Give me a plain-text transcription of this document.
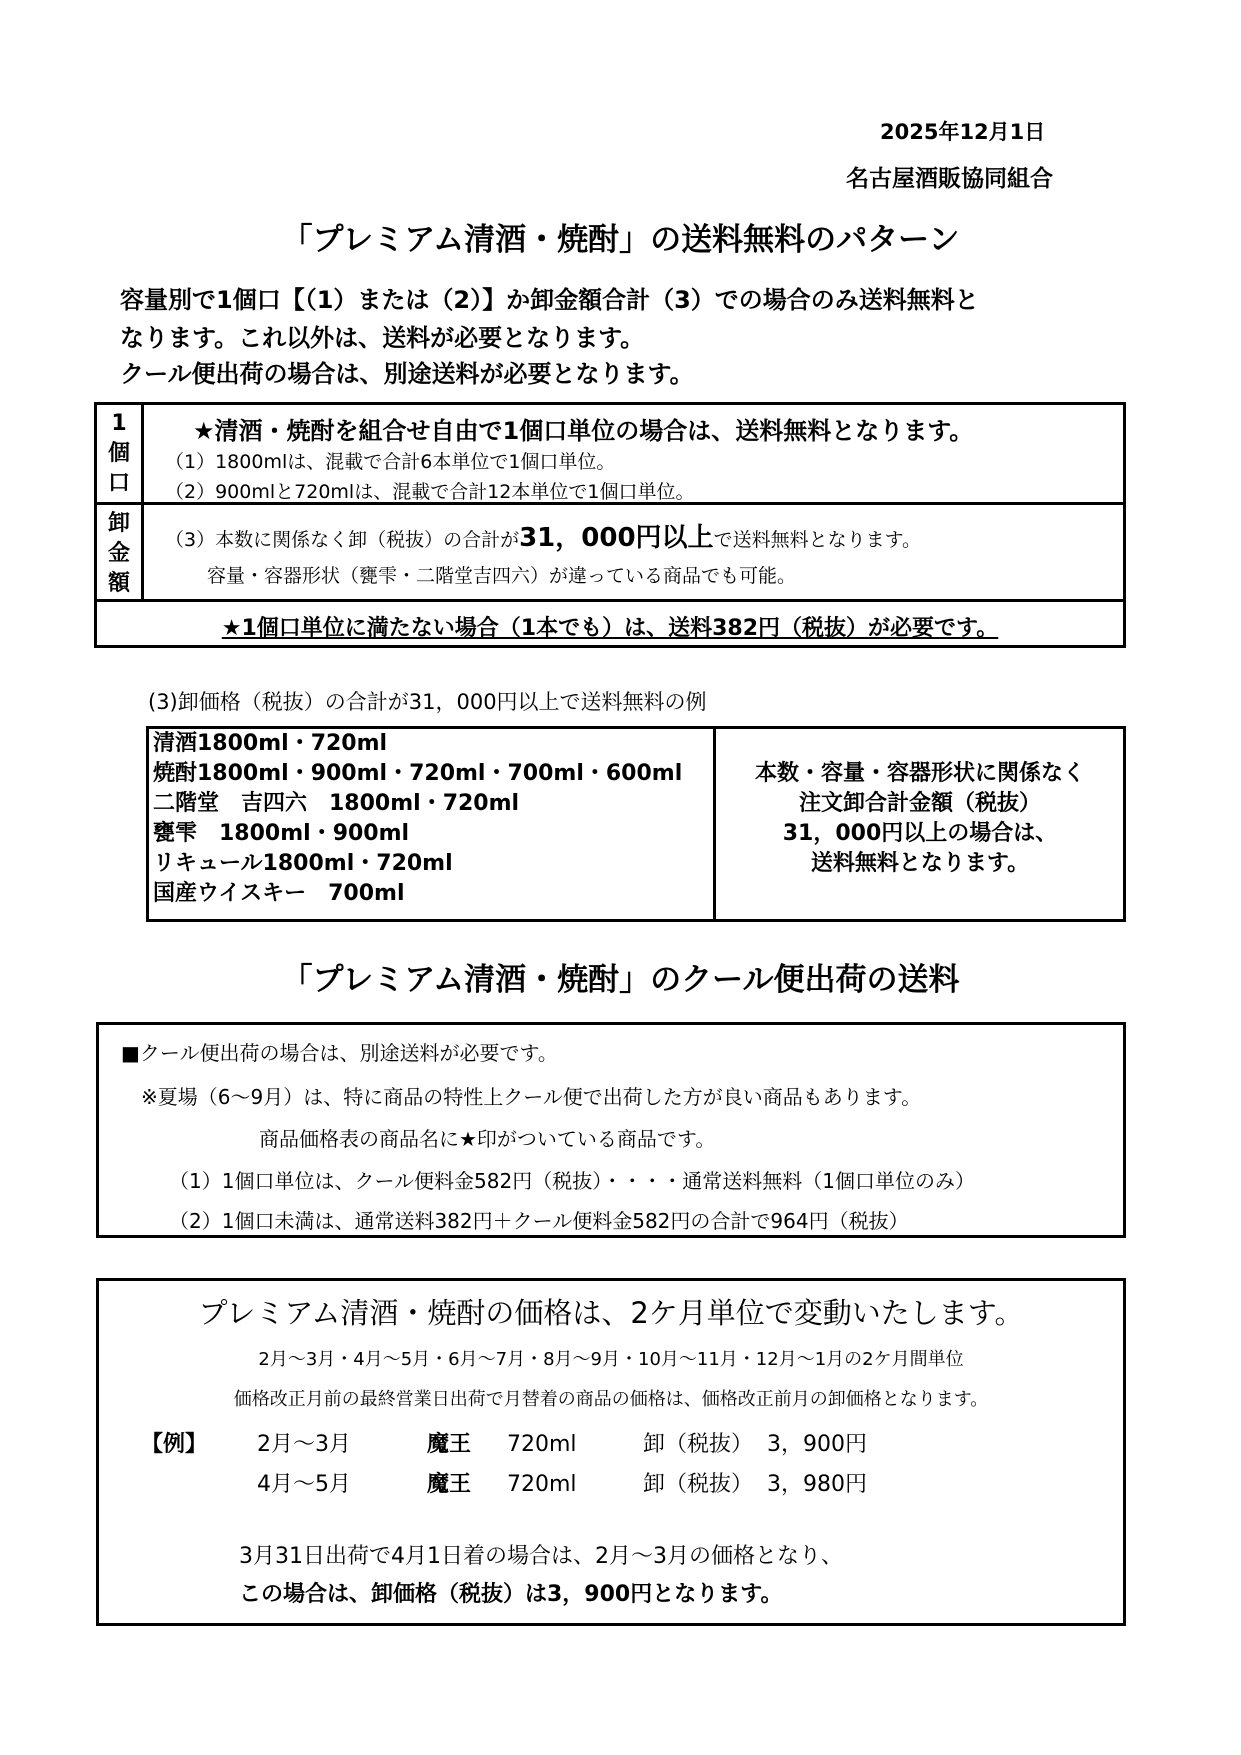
2025年12月1日
名古屋酒販協同組合
「プレミアム清酒・焼酎」の送料無料のパターン
容量別で1個口【（1）または（2）】か卸金額合計（3）での場合のみ送料無料と
なります。これ以外は、送料が必要となります。
クール便出荷の場合は、別途送料が必要となります。
1
個
口
★清酒・焼酎を組合せ自由で1個口単位の場合は、送料無料となります。
（1）1800mlは、混載で合計6本単位で1個口単位。
（2）900mlと720mlは、混載で合計12本単位で1個口単位。
卸
金
額
（3）本数に関係なく卸（税抜）の合計が31，000円以上で送料無料となります。
容量・容器形状（甕雫・二階堂吉四六）が違っている商品でも可能。
★1個口単位に満たない場合（1本でも）は、送料382円（税抜）が必要です。
(3)卸価格（税抜）の合計が31，000円以上で送料無料の例
清酒1800ml・720ml
焼酎1800ml・900ml・720ml・700ml・600ml
二階堂　吉四六　1800ml・720ml
甕雫　1800ml・900ml
リキュール1800ml・720ml
国産ウイスキー　700ml
本数・容量・容器形状に関係なく
注文卸合計金額（税抜）
31，000円以上の場合は、
送料無料となります。
「プレミアム清酒・焼酎」のクール便出荷の送料
■クール便出荷の場合は、別途送料が必要です。
※夏場（6～9月）は、特に商品の特性上クール便で出荷した方が良い商品もあります。
商品価格表の商品名に★印がついている商品です。
（1）1個口単位は、クール便料金582円（税抜）・・・・通常送料無料（1個口単位のみ）
（2）1個口未満は、通常送料382円＋クール便料金582円の合計で964円（税抜）
プレミアム清酒・焼酎の価格は、2ケ月単位で変動いたします。
2月～3月・4月～5月・6月～7月・8月～9月・10月～11月・12月～1月の2ケ月間単位
価格改正月前の最終営業日出荷で月替着の商品の価格は、価格改正前月の卸価格となります。
【例】 2月～3月	魔王 720ml	卸（税抜） 3，900円
4月～5月	魔王 720ml	卸（税抜） 3，980円
3月31日出荷で4月1日着の場合は、2月～3月の価格となり、
この場合は、卸価格（税抜）は3，900円となります。
